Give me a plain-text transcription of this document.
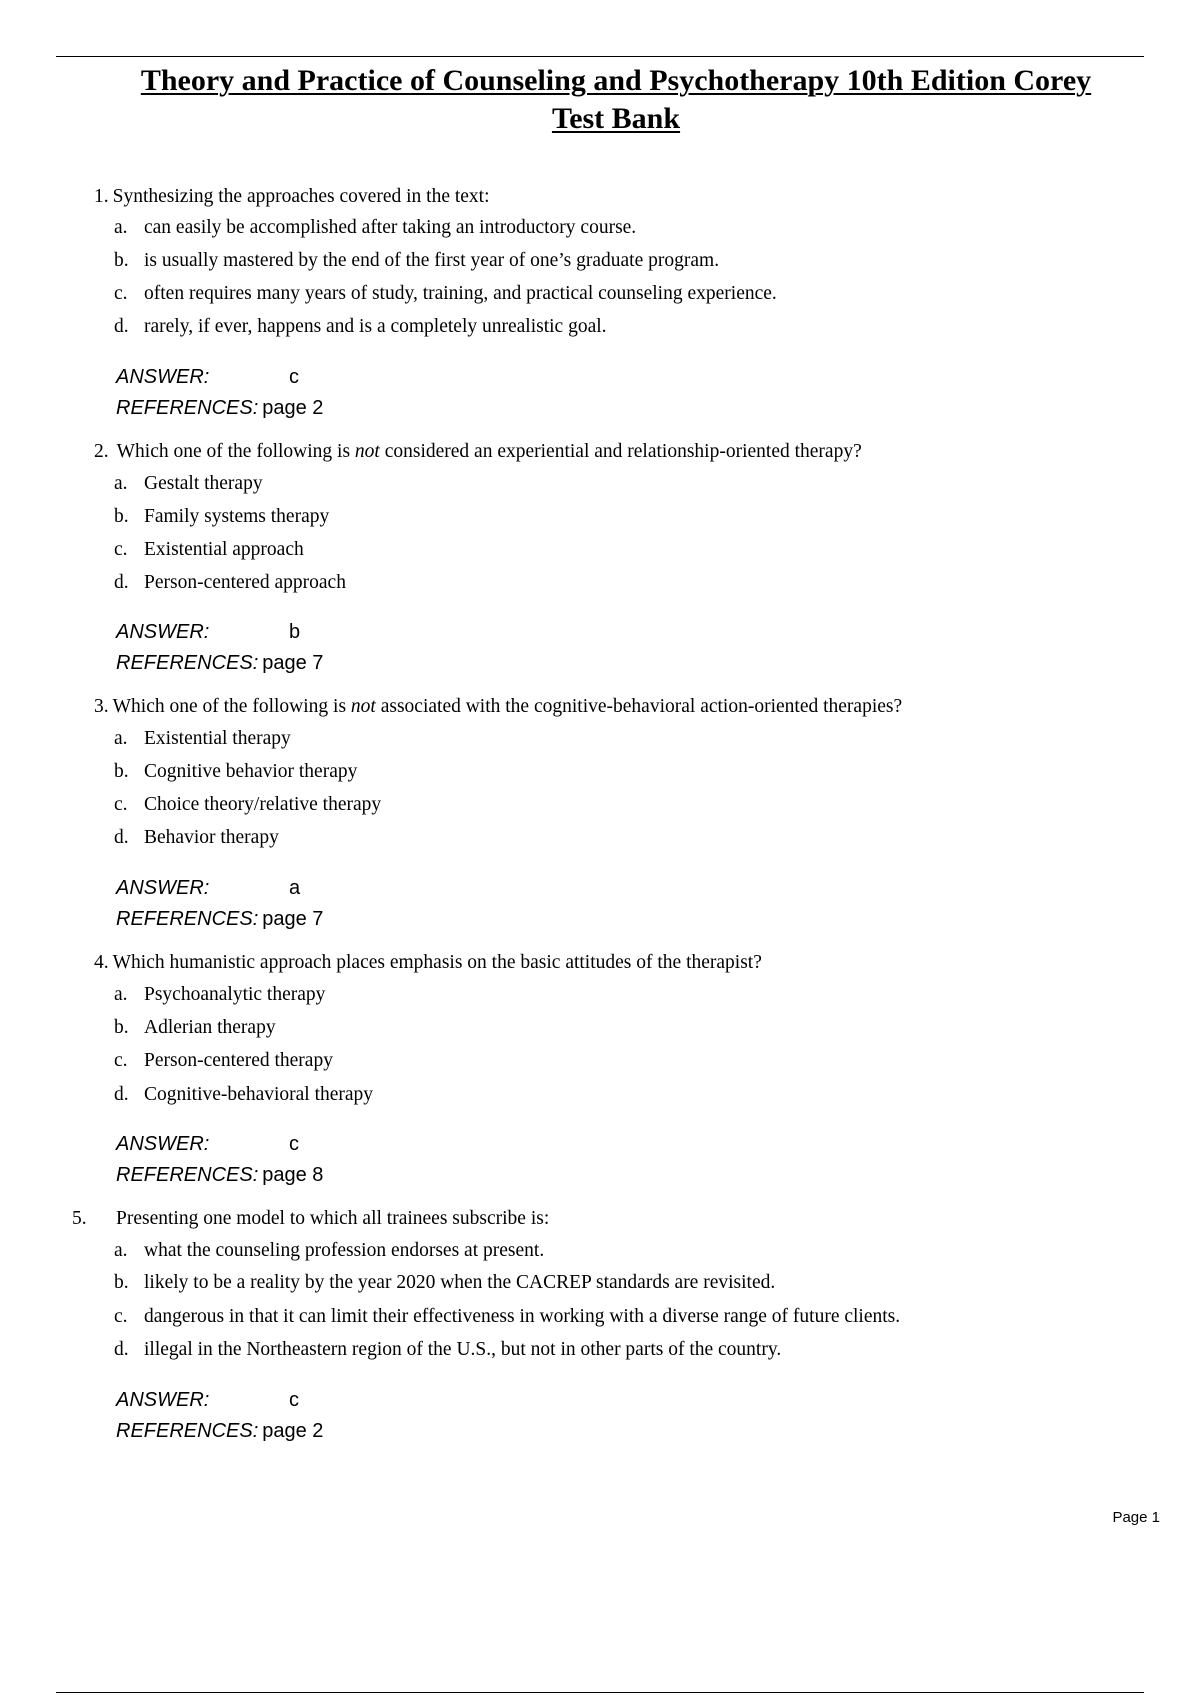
Theory and Practice of Counseling and Psychotherapy 10th Edition Corey
Test Bank
1. Synthesizing the approaches covered in the text:
a. can easily be accomplished after taking an introductory course.
b. is usually mastered by the end of the first year of one’s graduate program.
c. often requires many years of study, training, and practical counseling experience.
d. rarely, if ever, happens and is a completely unrealistic goal.
ANSWER:	c
REFERENCES: page 2
2. Which one of the following is not considered an experiential and relationship-oriented therapy?
a. Gestalt therapy
b. Family systems therapy
c. Existential approach
d. Person-centered approach
ANSWER:	b
REFERENCES: page 7
3. Which one of the following is not associated with the cognitive-behavioral action-oriented therapies?
a. Existential therapy
b. Cognitive behavior therapy
c. Choice theory/relative therapy
d. Behavior therapy
ANSWER:	a
REFERENCES: page 7
4. Which humanistic approach places emphasis on the basic attitudes of the therapist?
a. Psychoanalytic therapy
b. Adlerian therapy
c. Person-centered therapy
d. Cognitive-behavioral therapy
ANSWER:	c
REFERENCES: page 8
5. Presenting one model to which all trainees subscribe is:
a. what the counseling profession endorses at present.
b. likely to be a reality by the year 2020 when the CACREP standards are revisited.
c. dangerous in that it can limit their effectiveness in working with a diverse range of future clients.
d. illegal in the Northeastern region of the U.S., but not in other parts of the country.
ANSWER:	c
REFERENCES: page 2
Page 1
